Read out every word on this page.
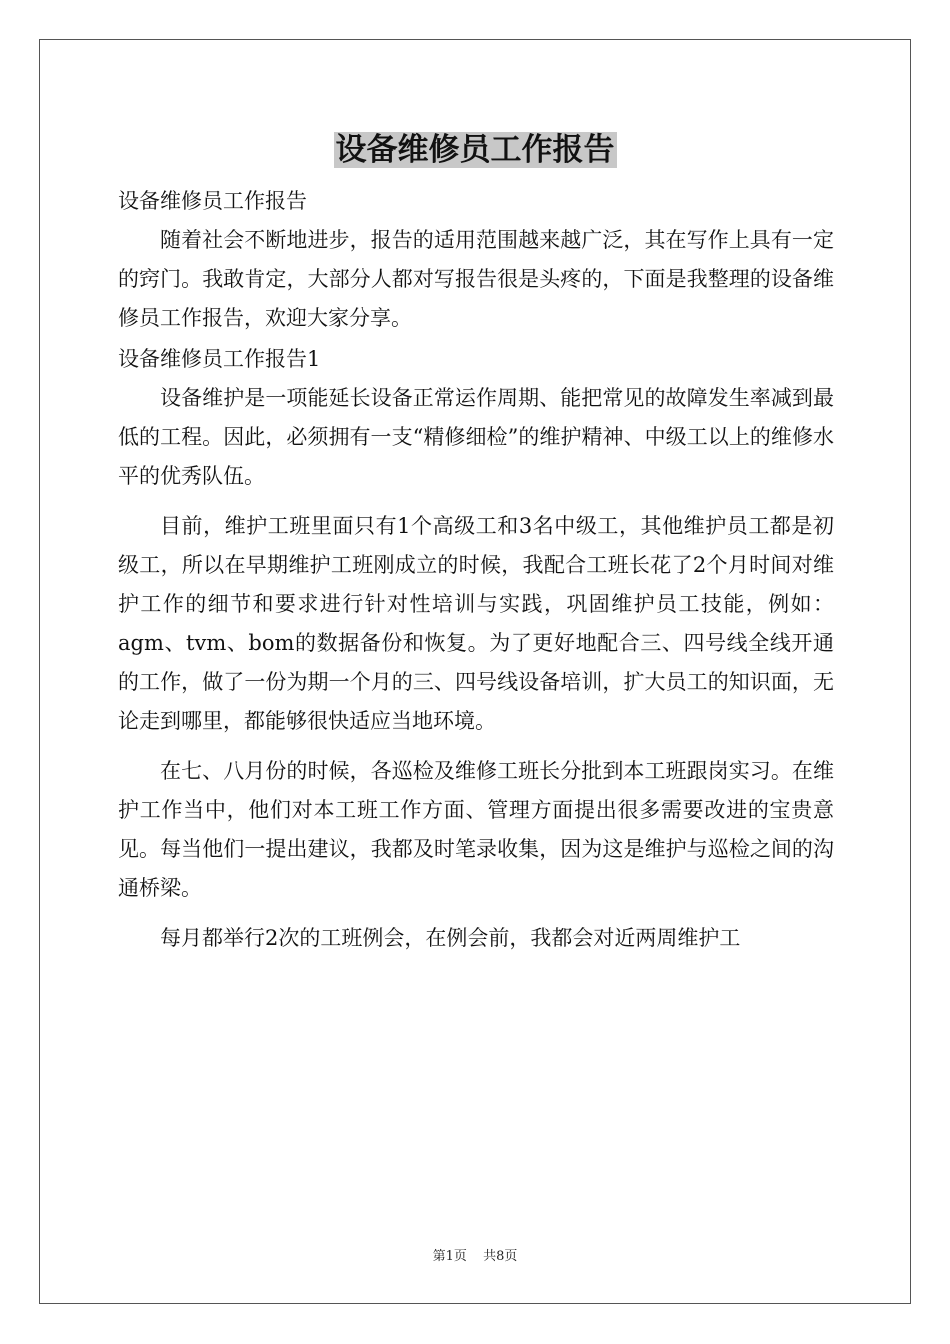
设备维修员工作报告

设备维修员工作报告

随着社会不断地进步，报告的适用范围越来越广泛，其在写作上具有一定的窍门。我敢肯定，大部分人都对写报告很是头疼的，下面是我整理的设备维修员工作报告，欢迎大家分享。

设备维修员工作报告1

设备维护是一项能延长设备正常运作周期、能把常见的故障发生率减到最低的工程。因此，必须拥有一支“精修细检”的维护精神、中级工以上的维修水平的优秀队伍。

目前，维护工班里面只有1个高级工和3名中级工，其他维护员工都是初级工，所以在早期维护工班刚成立的时候，我配合工班长花了2个月时间对维护工作的细节和要求进行针对性培训与实践，巩固维护员工技能，例如：agm、tvm、bom的数据备份和恢复。为了更好地配合三、四号线全线开通的工作，做了一份为期一个月的三、四号线设备培训，扩大员工的知识面，无论走到哪里，都能够很快适应当地环境。

在七、八月份的时候，各巡检及维修工班长分批到本工班跟岗实习。在维护工作当中，他们对本工班工作方面、管理方面提出很多需要改进的宝贵意见。每当他们一提出建议，我都及时笔录收集，因为这是维护与巡检之间的沟通桥梁。

每月都举行2次的工班例会，在例会前，我都会对近两周维护工

第1页 共8页
